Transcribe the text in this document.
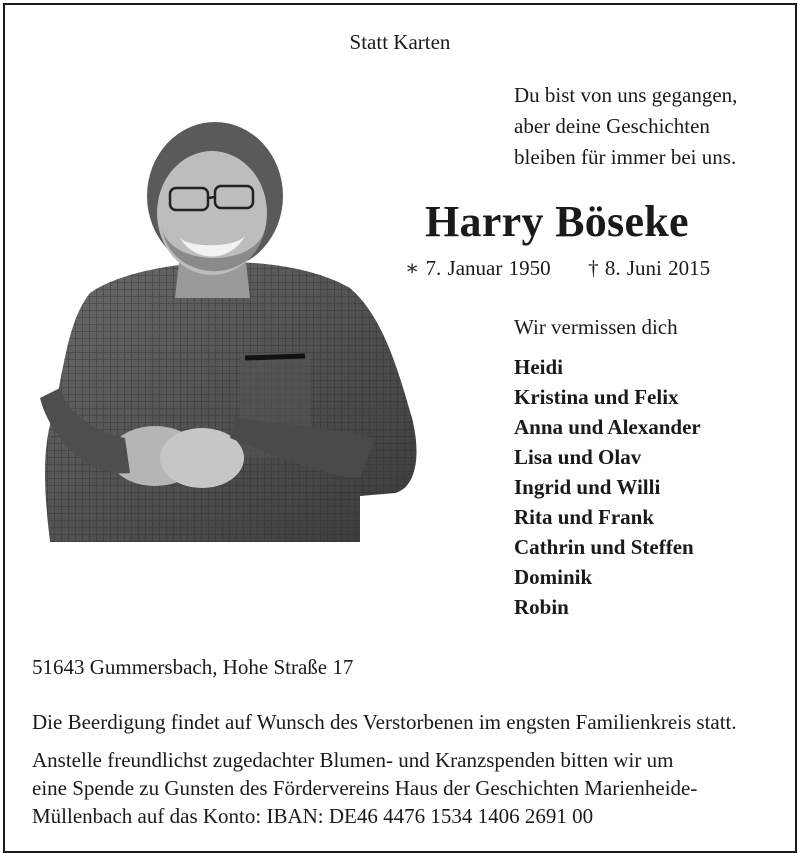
Statt Karten
Du bist von uns gegangen,
aber deine Geschichten
bleiben für immer bei uns.
Harry Böseke
∗ 7. Januar 1950 † 8. Juni 2015
Wir vermissen dich
Heidi
Kristina und Felix
Anna und Alexander
Lisa und Olav
Ingrid und Willi
Rita und Frank
Cathrin und Steffen
Dominik
Robin
51643 Gummersbach, Hohe Straße 17
Die Beerdigung findet auf Wunsch des Verstorbenen im engsten Familienkreis statt.
Anstelle freundlichst zugedachter Blumen- und Kranzspenden bitten wir um
eine Spende zu Gunsten des Fördervereins Haus der Geschichten Marienheide-
Müllenbach auf das Konto: IBAN: DE46 4476 1534 1406 2691 00
